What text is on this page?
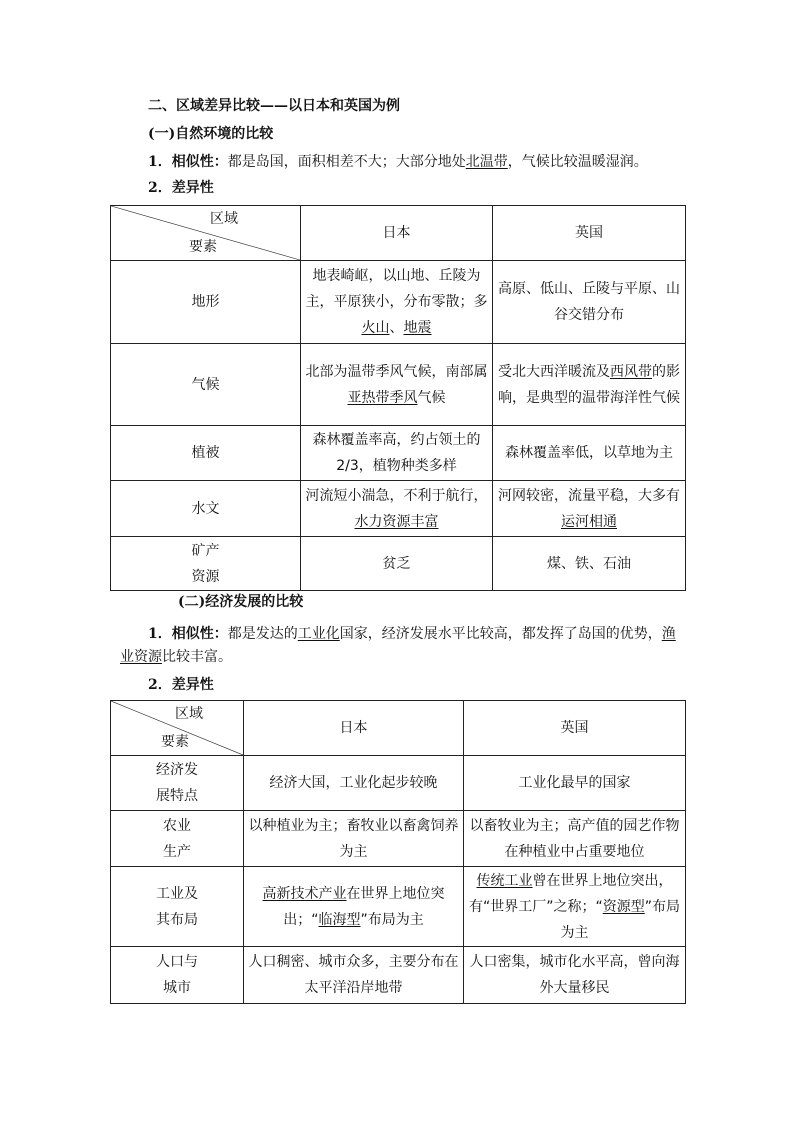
二、区域差异比较——以日本和英国为例
(一)自然环境的比较
1．相似性：都是岛国，面积相差不大；大部分地处北温带，气候比较温暖湿润。
2．差异性
区域
要素	日本	英国
地形	地表崎岖，以山地、丘陵为主，平原狭小，分布零散；多火山、地震	高原、低山、丘陵与平原、山谷交错分布
气候	北部为温带季风气候，南部属亚热带季风气候	受北大西洋暖流及西风带的影响，是典型的温带海洋性气候
植被	森林覆盖率高，约占领土的2/3，植物种类多样	森林覆盖率低，以草地为主
水文	河流短小湍急，不利于航行，水力资源丰富	河网较密，流量平稳，大多有运河相通

矿产
资源	贫乏	煤、铁、石油
(二)经济发展的比较
1．相似性：都是发达的工业化国家，经济发展水平比较高，都发挥了岛国的优势，渔
业资源比较丰富。
2．差异性
区域
要素	日本	英国

经济发
展特点	经济大国，工业化起步较晚	工业化最早的国家

农业
生产	以种植业为主；畜牧业以畜禽饲养为主	以畜牧业为主；高产值的园艺作物在种植业中占重要地位

工业及
其布局	高新技术产业在世界上地位突出；“临海型”布局为主	传统工业曾在世界上地位突出，有“世界工厂”之称；“资源型”布局为主

人口与
城市	人口稠密、城市众多，主要分布在太平洋沿岸地带	人口密集，城市化水平高，曾向海外大量移民
